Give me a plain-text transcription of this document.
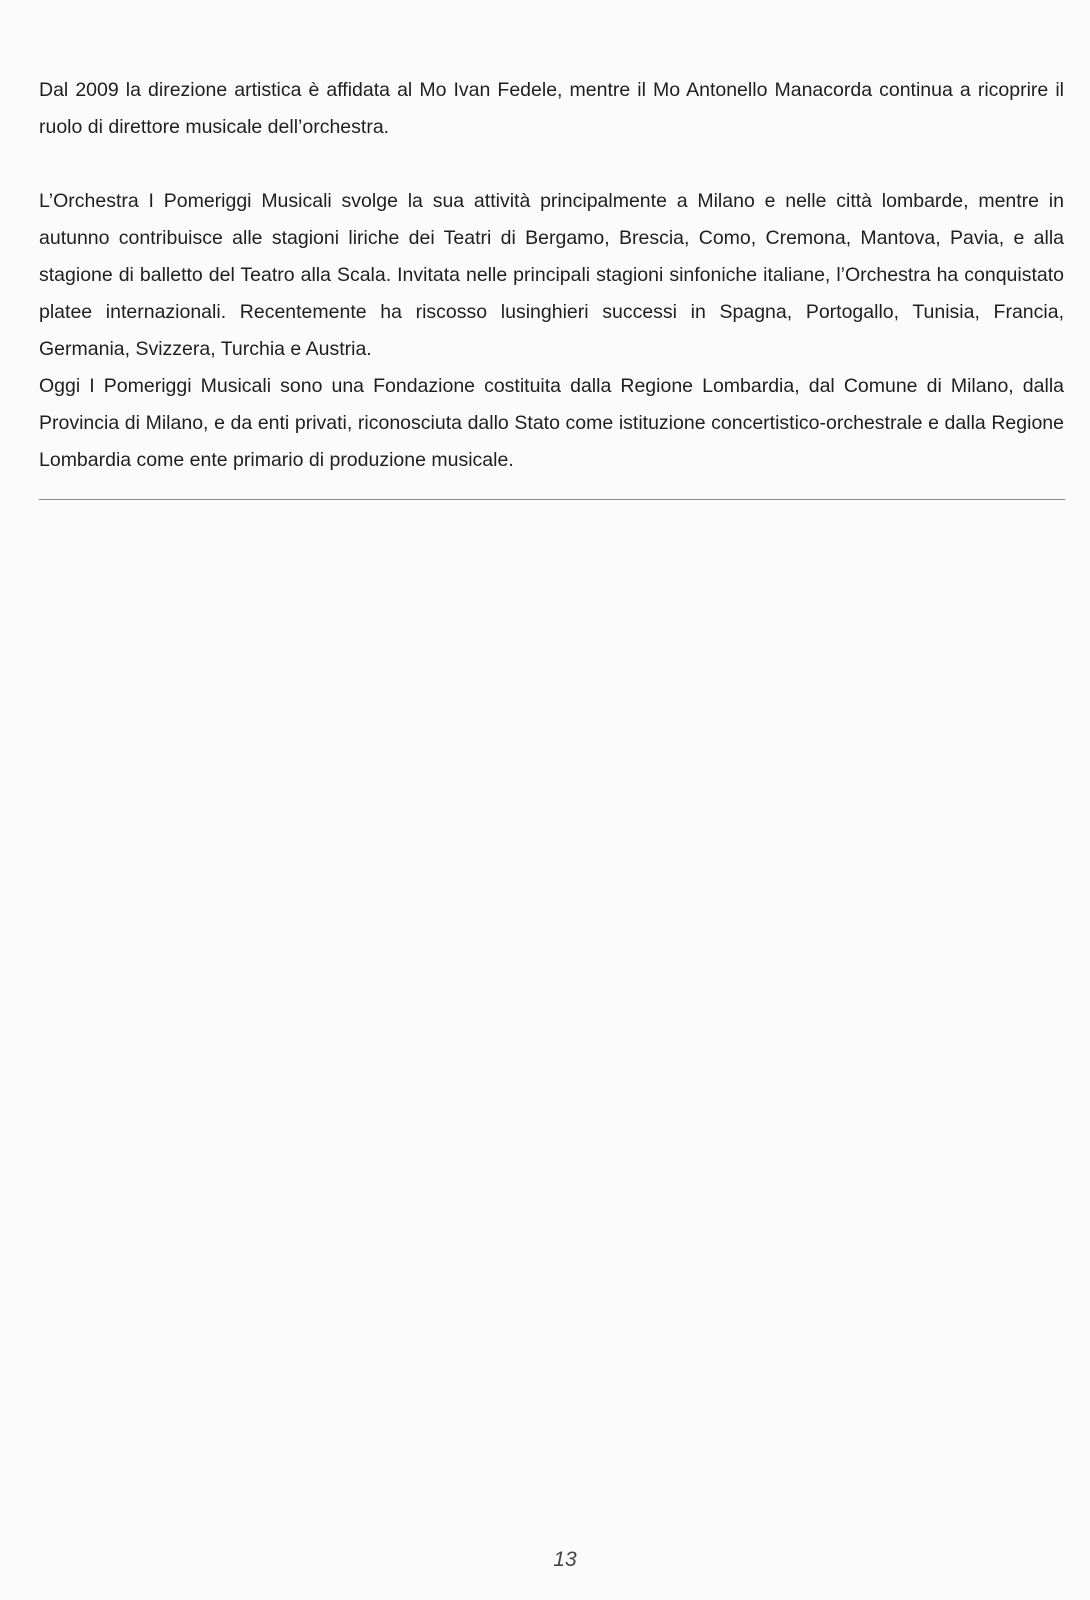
Dal 2009 la direzione artistica è affidata al Mo Ivan Fedele, mentre il Mo Antonello Manacorda continua a ricoprire il ruolo di direttore musicale dell’orchestra.

L’Orchestra I Pomeriggi Musicali svolge la sua attività principalmente a Milano e nelle città lombarde, mentre in autunno contribuisce alle stagioni liriche dei Teatri di Bergamo, Brescia, Como, Cremona, Mantova, Pavia, e alla stagione di balletto del Teatro alla Scala. Invitata nelle principali stagioni sinfoniche italiane, l’Orchestra ha conquistato platee internazionali. Recentemente ha riscosso lusinghieri successi in Spagna, Portogallo, Tunisia, Francia, Germania, Svizzera, Turchia e Austria.

Oggi I Pomeriggi Musicali sono una Fondazione costituita dalla Regione Lombardia, dal Comune di Milano, dalla Provincia di Milano, e da enti privati, riconosciuta dallo Stato come istituzione concertistico-orchestrale e dalla Regione Lombardia come ente primario di produzione musicale.

13
